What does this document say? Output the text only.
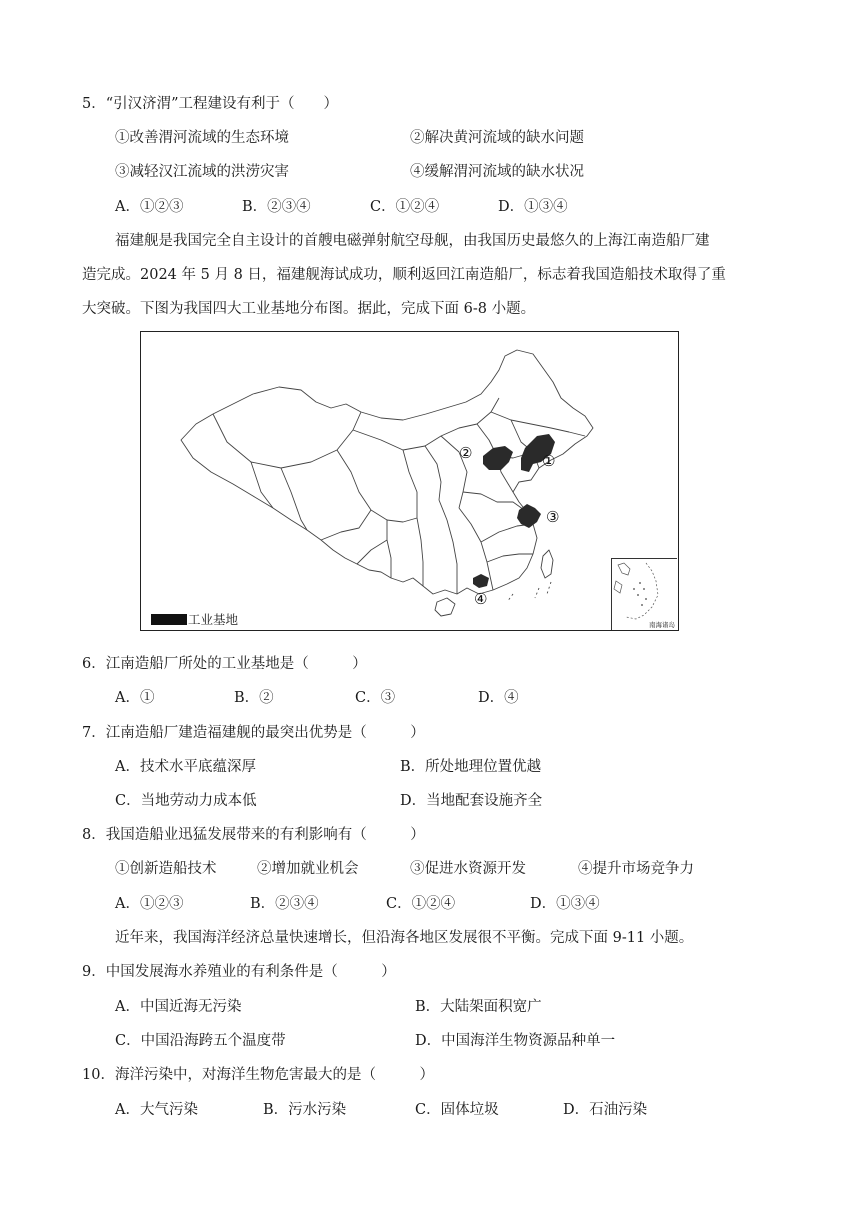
5．“引汉济渭”工程建设有利于（　　）
①改善渭河流域的生态环境	②解决黄河流域的缺水问题
③减轻汉江流域的洪涝灾害	④缓解渭河流域的缺水状况
A．①②③	B．②③④	C．①②④	D．①③④
福建舰是我国完全自主设计的首艘电磁弹射航空母舰，由我国历史最悠久的上海江南造船厂建
造完成。2024 年 5 月 8 日，福建舰海试成功，顺利返回江南造船厂，标志着我国造船技术取得了重
大突破。下图为我国四大工业基地分布图。据此，完成下面 6-8 小题。
①
②
③
④
南海诸岛
工业基地
6．江南造船厂所处的工业基地是（　　　）
A．①	B．②	C．③	D．④
7．江南造船厂建造福建舰的最突出优势是（　　　）
A．技术水平底蕴深厚	B．所处地理位置优越
C．当地劳动力成本低	D．当地配套设施齐全
8．我国造船业迅猛发展带来的有利影响有（　　　）
①创新造船技术	②增加就业机会	③促进水资源开发	④提升市场竞争力
A．①②③	B．②③④	C．①②④	D．①③④
近年来，我国海洋经济总量快速增长，但沿海各地区发展很不平衡。完成下面 9-11 小题。
9．中国发展海水养殖业的有利条件是（　　　）
A．中国近海无污染	B．大陆架面积宽广
C．中国沿海跨五个温度带	D．中国海洋生物资源品种单一
10．海洋污染中，对海洋生物危害最大的是（　　　）
A．大气污染	B．污水污染	C．固体垃圾	D．石油污染
